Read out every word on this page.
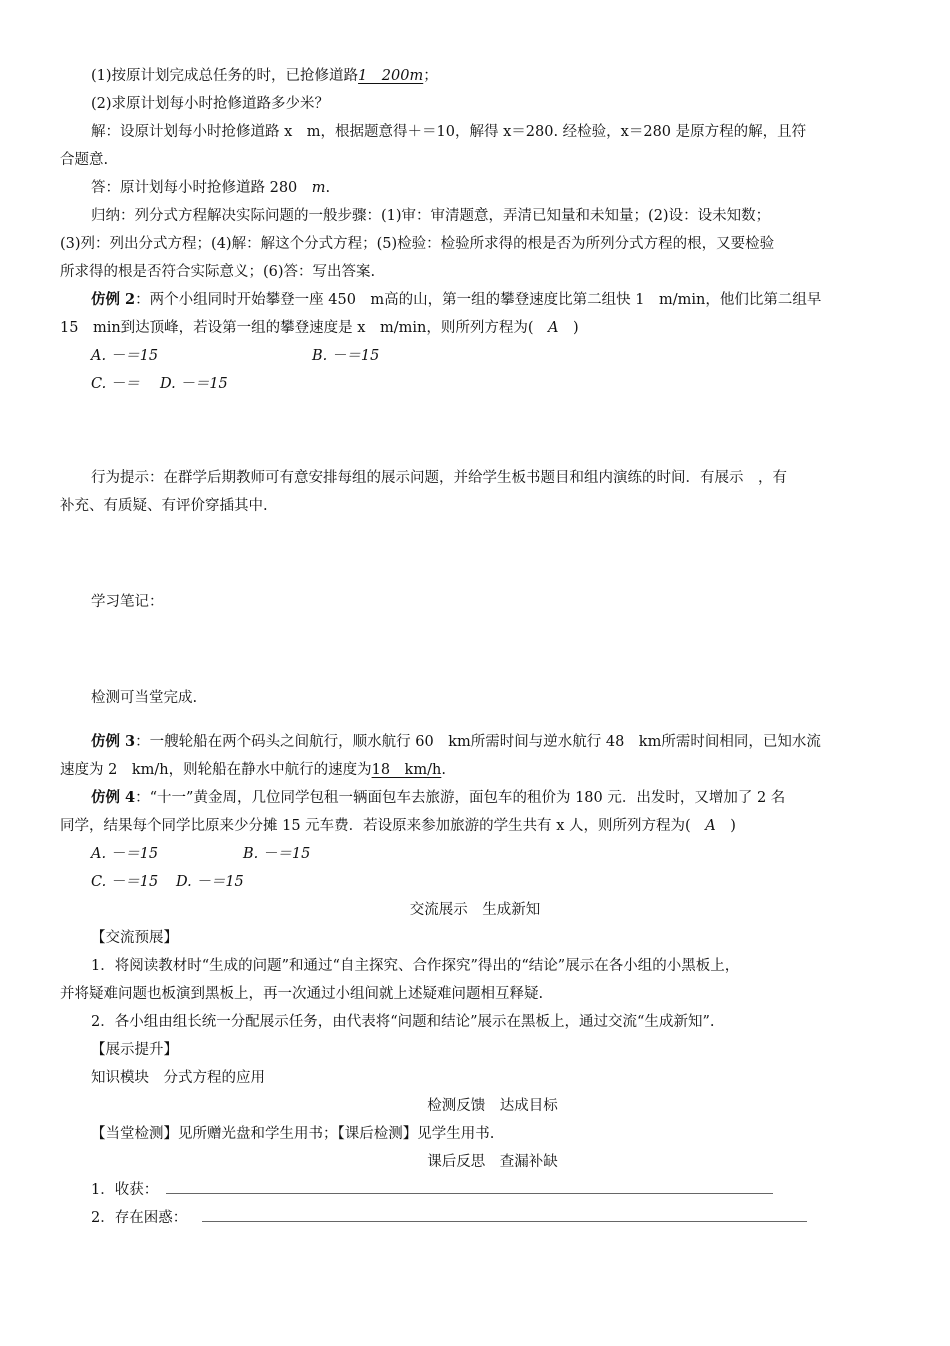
(1)按原计划完成总任务的时，已抢修道路1　200m；
(2)求原计划每小时抢修道路多少米？
解：设原计划每小时抢修道路 x　m，根据题意得＋＝10，解得 x＝280. 经检验，x＝280 是原方程的解，且符
合题意.
答：原计划每小时抢修道路 280　m.
归纳：列分式方程解决实际问题的一般步骤：(1)审：审清题意，弄清已知量和未知量；(2)设：设未知数；
(3)列：列出分式方程；(4)解：解这个分式方程；(5)检验：检验所求得的根是否为所列分式方程的根，又要检验
所求得的根是否符合实际意义；(6)答：写出答案.
仿例 2：两个小组同时开始攀登一座 450　m高的山，第一组的攀登速度比第二组快 1　m/min，他们比第二组早
15　min到达顶峰，若设第一组的攀登速度是 x　m/min，则所列方程为(　A　)
A. －＝15	B. －＝15
C. －＝　 D. －＝15
行为提示：在群学后期教师可有意安排每组的展示问题，并给学生板书题目和组内演练的时间．有展示　，有
补充、有质疑、有评价穿插其中.
学习笔记：
检测可当堂完成.
仿例 3：一艘轮船在两个码头之间航行，顺水航行 60　km所需时间与逆水航行 48　km所需时间相同，已知水流
速度为 2　km/h，则轮船在静水中航行的速度为18　km/h.
仿例 4：“十一”黄金周，几位同学包租一辆面包车去旅游，面包车的租价为 180 元．出发时，又增加了 2 名
同学，结果每个同学比原来少分摊 15 元车费．若设原来参加旅游的学生共有 x 人，则所列方程为(　A　)
A. －＝15	B. －＝15
C. －＝15 D. －＝15
交流展示　生成新知
【交流预展】
1．将阅读教材时“生成的问题”和通过“自主探究、合作探究”得出的“结论”展示在各小组的小黑板上，
并将疑难问题也板演到黑板上，再一次通过小组间就上述疑难问题相互释疑.
2．各小组由组长统一分配展示任务，由代表将“问题和结论”展示在黑板上，通过交流“生成新知”.
【展示提升】
知识模块　分式方程的应用
检测反馈　达成目标
【当堂检测】见所赠光盘和学生用书；【课后检测】见学生用书.
课后反思　查漏补缺
1．收获：
2．存在困惑：
